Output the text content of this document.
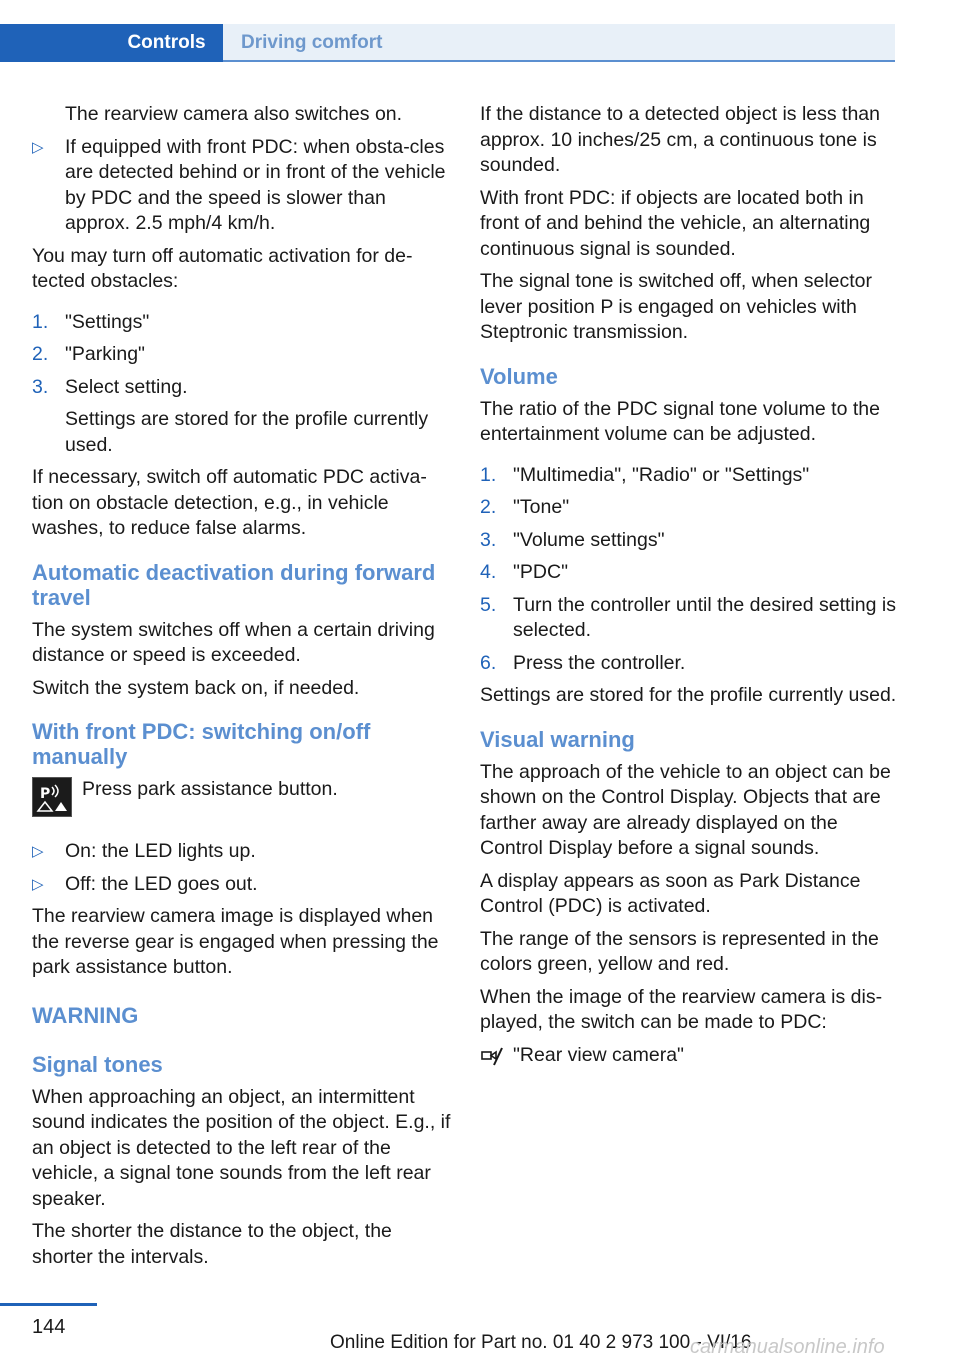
Controls Driving comfort

The rearview camera also switches on.

▷ If equipped with front PDC: when obsta-cles are detected behind or in front of the vehicle by PDC and the speed is slower than approx. 2.5 mph/4 km/h.

You may turn off automatic activation for de-tected obstacles:

1. "Settings"
2. "Parking"
3. Select setting.

Settings are stored for the profile currently used.

If necessary, switch off automatic PDC activa-tion on obstacle detection, e.g., in vehicle washes, to reduce false alarms.

Automatic deactivation during forward travel

The system switches off when a certain driving distance or speed is exceeded.

Switch the system back on, if needed.

With front PDC: switching on/off manually
P Press park assistance button.
▷ On: the LED lights up.
▷ Off: the LED goes out.

The rearview camera image is displayed when the reverse gear is engaged when pressing the park assistance button.

WARNING
Signal tones

When approaching an object, an intermittent sound indicates the position of the object. E.g., if an object is detected to the left rear of the vehicle, a signal tone sounds from the left rear speaker.

The shorter the distance to the object, the shorter the intervals.

If the distance to a detected object is less than approx. 10 inches/25 cm, a continuous tone is sounded.

With front PDC: if objects are located both in front of and behind the vehicle, an alternating continuous signal is sounded.

The signal tone is switched off, when selector lever position P is engaged on vehicles with Steptronic transmission.

Volume

The ratio of the PDC signal tone volume to the entertainment volume can be adjusted.

1. "Multimedia", "Radio" or "Settings"
2. "Tone"
3. "Volume settings"
4. "PDC"
5. Turn the controller until the desired setting is selected.
6. Press the controller.

Settings are stored for the profile currently used.

Visual warning

The approach of the vehicle to an object can be shown on the Control Display. Objects that are farther away are already displayed on the Control Display before a signal sounds.

A display appears as soon as Park Distance Control (PDC) is activated.

The range of the sensors is represented in the colors green, yellow and red.

When the image of the rearview camera is dis-played, the switch can be made to PDC:

"Rear view camera"
144
Online Edition for Part no. 01 40 2 973 100 - VI/16
carmanualsonline.info
